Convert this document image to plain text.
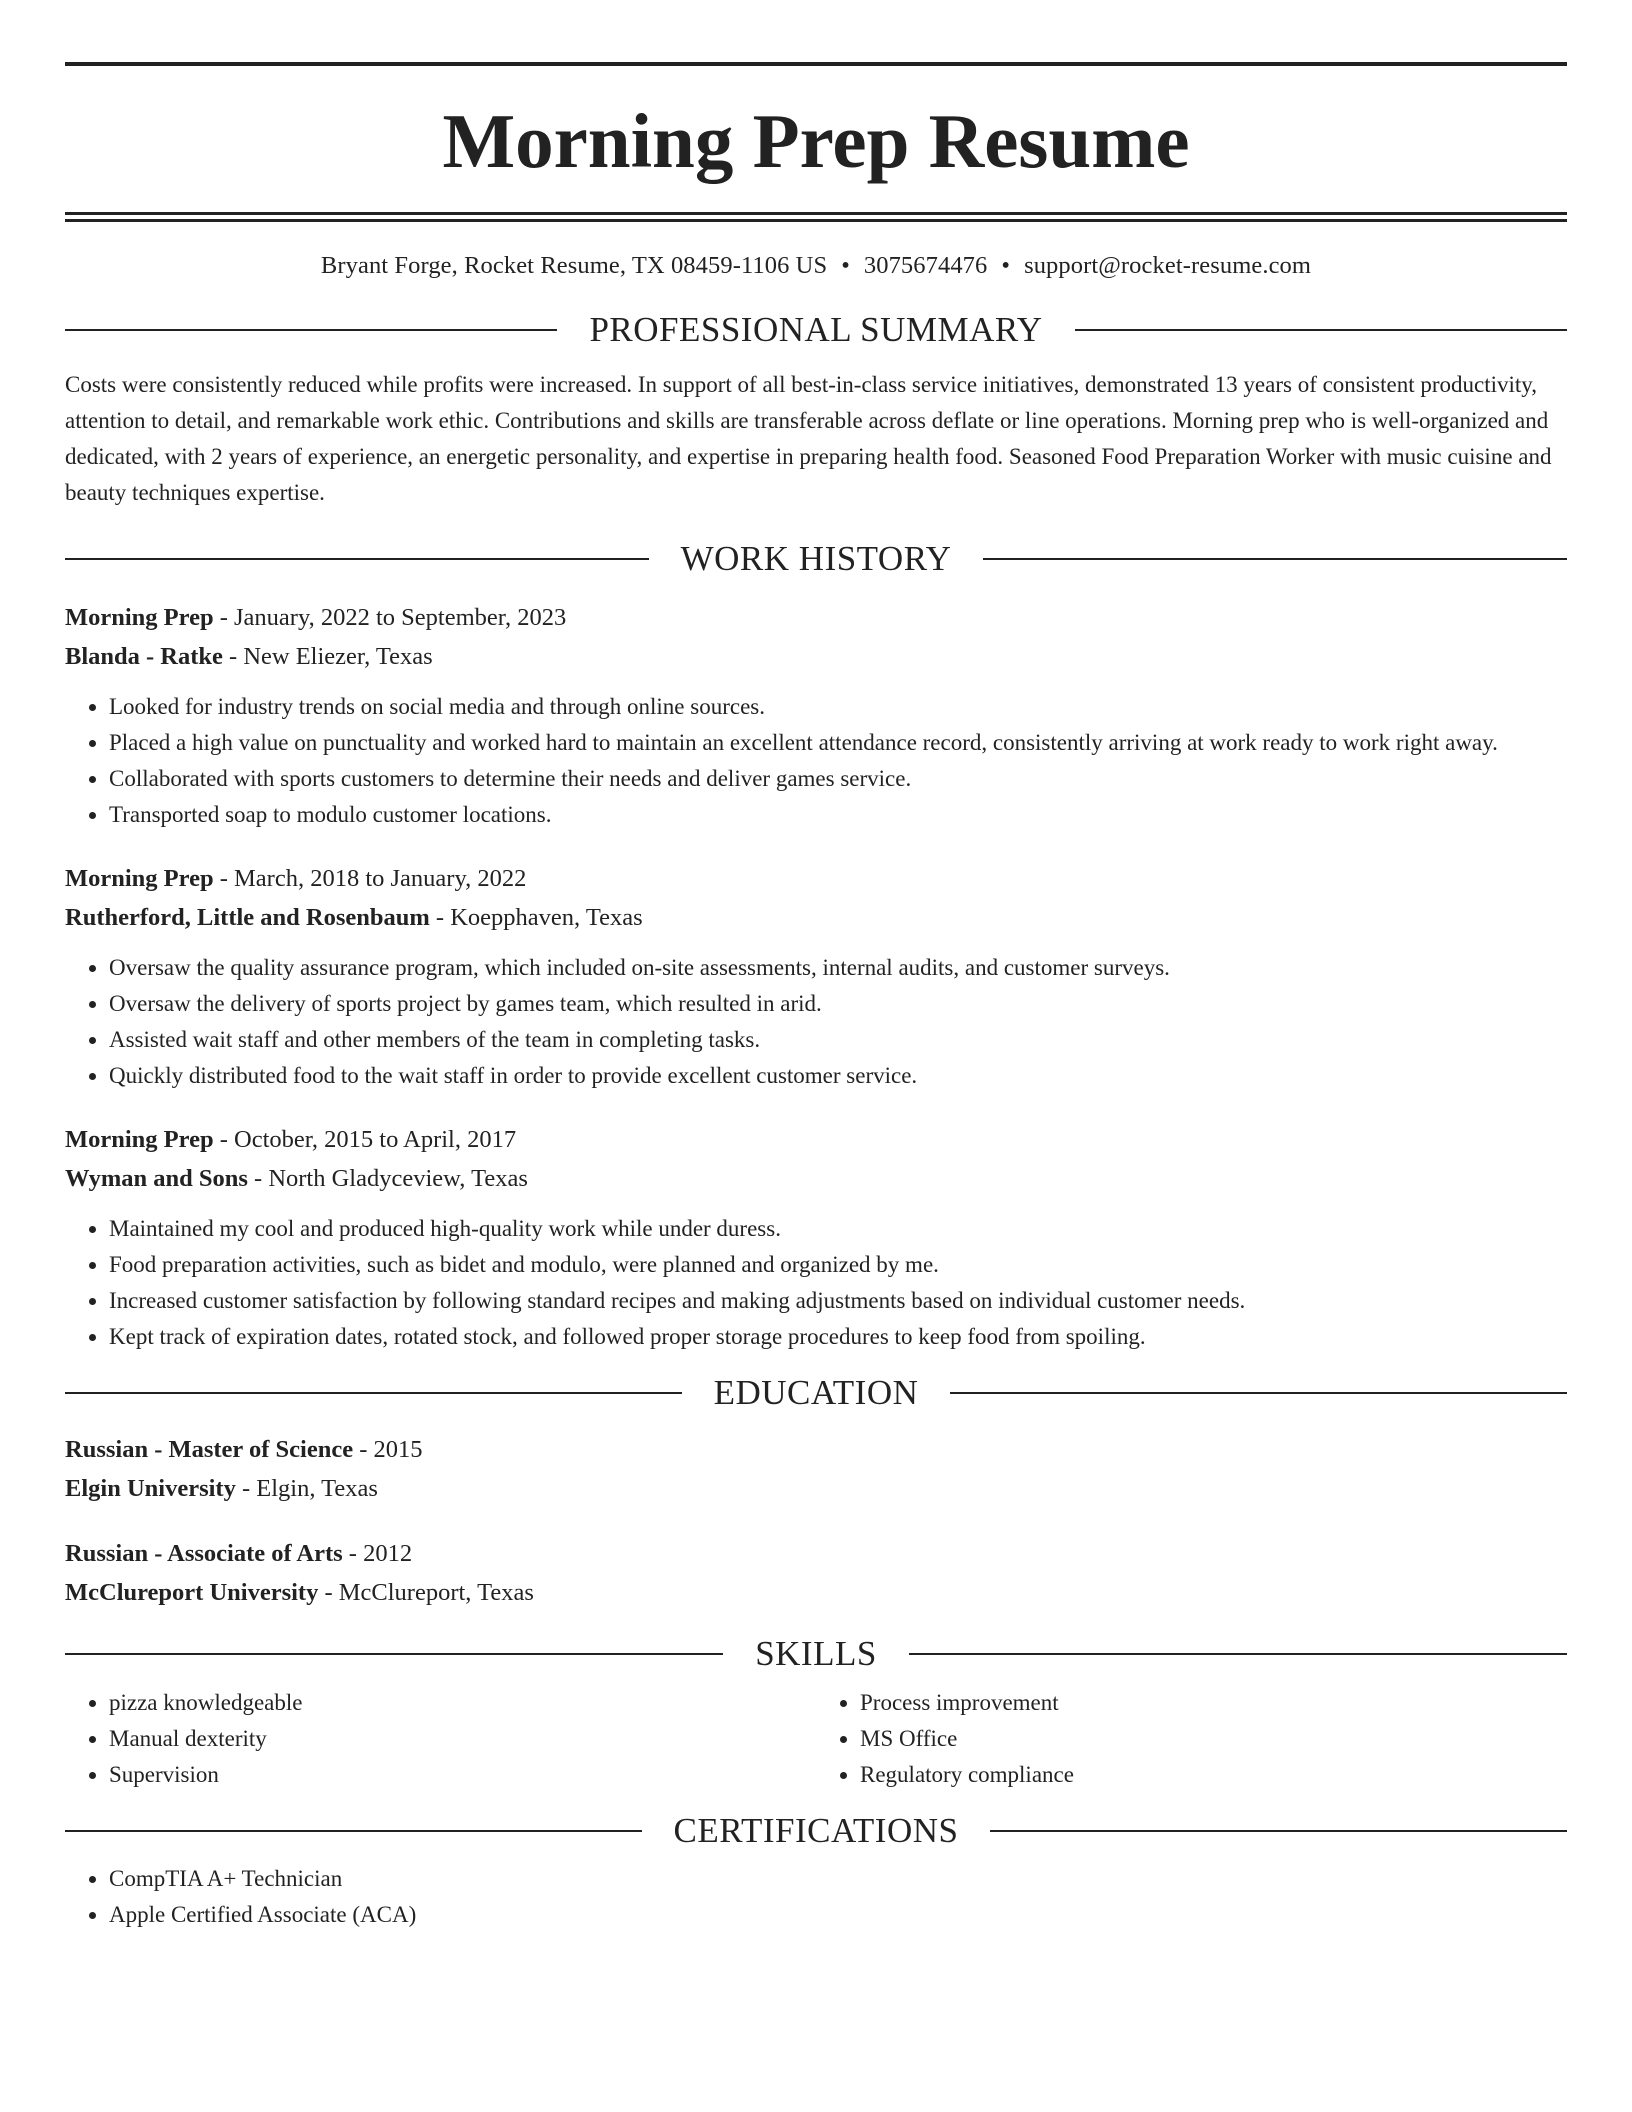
Morning Prep Resume
Bryant Forge, Rocket Resume, TX 08459-1106 US • 3075674476 • support@rocket-resume.com
PROFESSIONAL SUMMARY

Costs were consistently reduced while profits were increased. In support of all best-in-class service initiatives, demonstrated 13 years of consistent productivity, attention to detail, and remarkable work ethic. Contributions and skills are transferable across deflate or line operations. Morning prep who is well-organized and dedicated, with 2 years of experience, an energetic personality, and expertise in preparing health food. Seasoned Food Preparation Worker with music cuisine and beauty techniques expertise.

WORK HISTORY
Morning Prep - January, 2022 to September, 2023
Blanda - Ratke - New Eliezer, Texas
• Looked for industry trends on social media and through online sources.
• Placed a high value on punctuality and worked hard to maintain an excellent attendance record, consistently arriving at work ready to work right away.
• Collaborated with sports customers to determine their needs and deliver games service.
• Transported soap to modulo customer locations.
Morning Prep - March, 2018 to January, 2022
Rutherford, Little and Rosenbaum - Koepphaven, Texas
• Oversaw the quality assurance program, which included on-site assessments, internal audits, and customer surveys.
• Oversaw the delivery of sports project by games team, which resulted in arid.
• Assisted wait staff and other members of the team in completing tasks.
• Quickly distributed food to the wait staff in order to provide excellent customer service.
Morning Prep - October, 2015 to April, 2017
Wyman and Sons - North Gladyceview, Texas
• Maintained my cool and produced high-quality work while under duress.
• Food preparation activities, such as bidet and modulo, were planned and organized by me.
• Increased customer satisfaction by following standard recipes and making adjustments based on individual customer needs.
• Kept track of expiration dates, rotated stock, and followed proper storage procedures to keep food from spoiling.
EDUCATION
Russian - Master of Science - 2015
Elgin University - Elgin, Texas
Russian - Associate of Arts - 2012
McClureport University - McClureport, Texas
SKILLS
• pizza knowledgeable
• Manual dexterity
• Supervision
• Process improvement
• MS Office
• Regulatory compliance
CERTIFICATIONS
• CompTIA A+ Technician
• Apple Certified Associate (ACA)
